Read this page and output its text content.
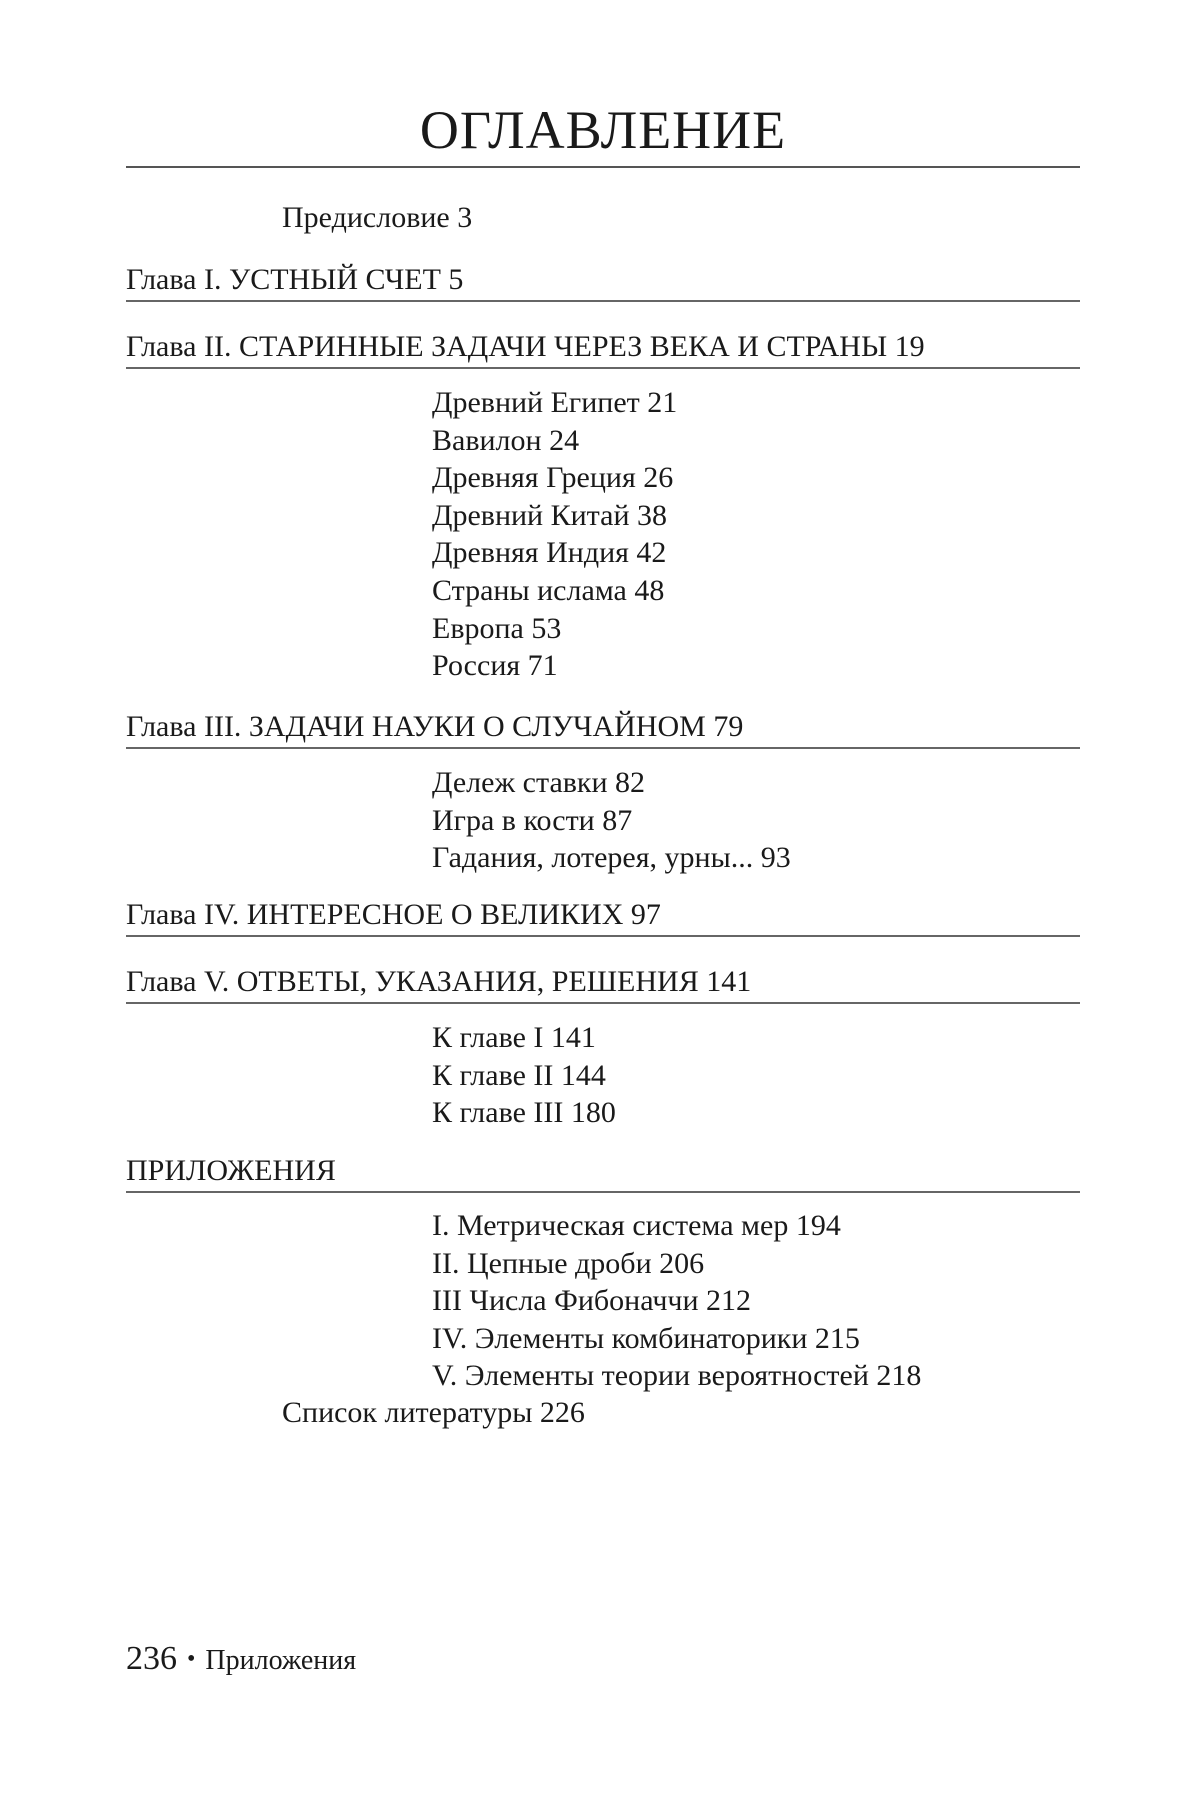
ОГЛАВЛЕНИЕ
Предисловие 3
Глава I. УСТНЫЙ СЧЕТ 5
Глава II. СТАРИННЫЕ ЗАДАЧИ ЧЕРЕЗ ВЕКА И СТРАНЫ 19
Древний Египет 21
Вавилон 24
Древняя Греция 26
Древний Китай 38
Древняя Индия 42
Страны ислама 48
Европа 53
Россия 71
Глава III. ЗАДАЧИ НАУКИ О СЛУЧАЙНОМ 79
Дележ ставки 82
Игра в кости 87
Гадания, лотерея, урны... 93
Глава IV. ИНТЕРЕСНОЕ О ВЕЛИКИХ 97
Глава V. ОТВЕТЫ, УКАЗАНИЯ, РЕШЕНИЯ 141
К главе I 141
К главе II 144
К главе III 180
ПРИЛОЖЕНИЯ
I. Метрическая система мер 194
II. Цепные дроби 206
III Числа Фибоначчи 212
IV. Элементы комбинаторики 215
V. Элементы теории вероятностей 218
Список литературы 226
236 • Приложения
